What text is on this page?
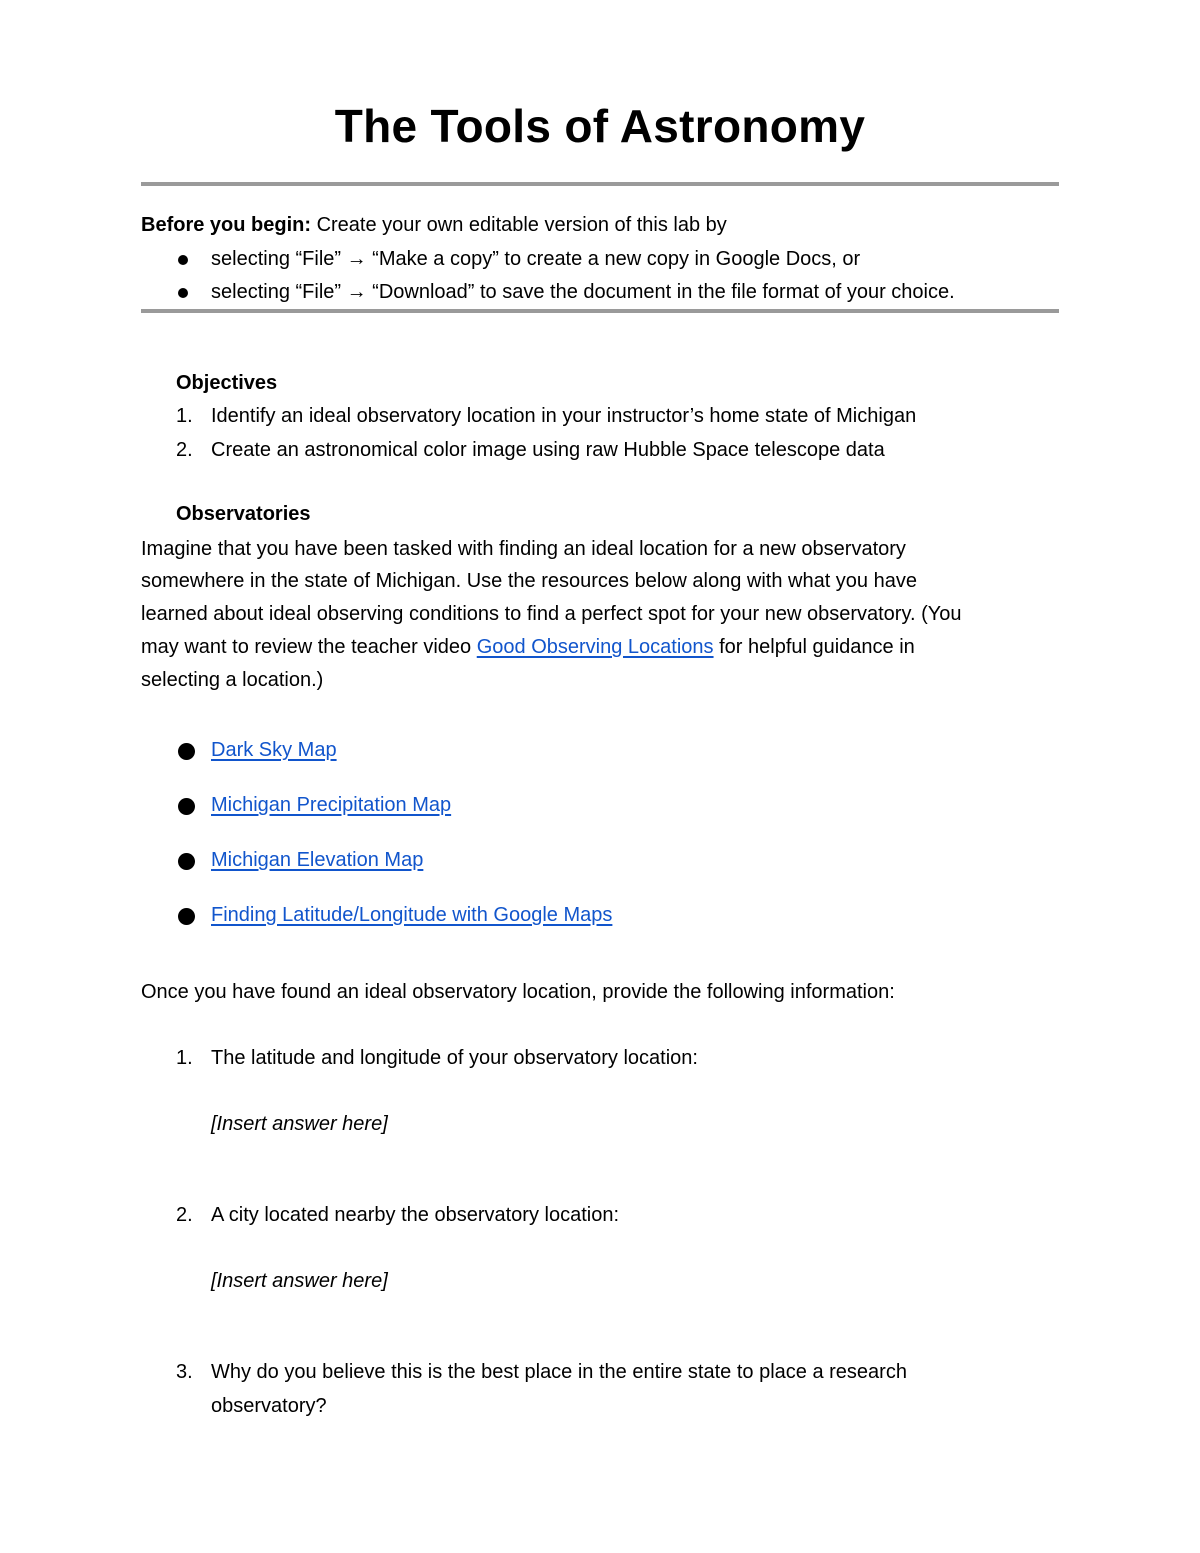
The Tools of Astronomy
Before you begin: Create your own editable version of this lab by
selecting “File” → “Make a copy” to create a new copy in Google Docs, or
selecting “File” → “Download” to save the document in the file format of your choice.
Objectives
1. Identify an ideal observatory location in your instructor’s home state of Michigan
2. Create an astronomical color image using raw Hubble Space telescope data
Observatories
Imagine that you have been tasked with finding an ideal location for a new observatory
somewhere in the state of Michigan. Use the resources below along with what you have
learned about ideal observing conditions to find a perfect spot for your new observatory. (You
may want to review the teacher video Good Observing Locations for helpful guidance in
selecting a location.)
Dark Sky Map
Michigan Precipitation Map
Michigan Elevation Map
Finding Latitude/Longitude with Google Maps
Once you have found an ideal observatory location, provide the following information:
1. The latitude and longitude of your observatory location:
[Insert answer here]
2. A city located nearby the observatory location:
[Insert answer here]
3. Why do you believe this is the best place in the entire state to place a research
observatory?
